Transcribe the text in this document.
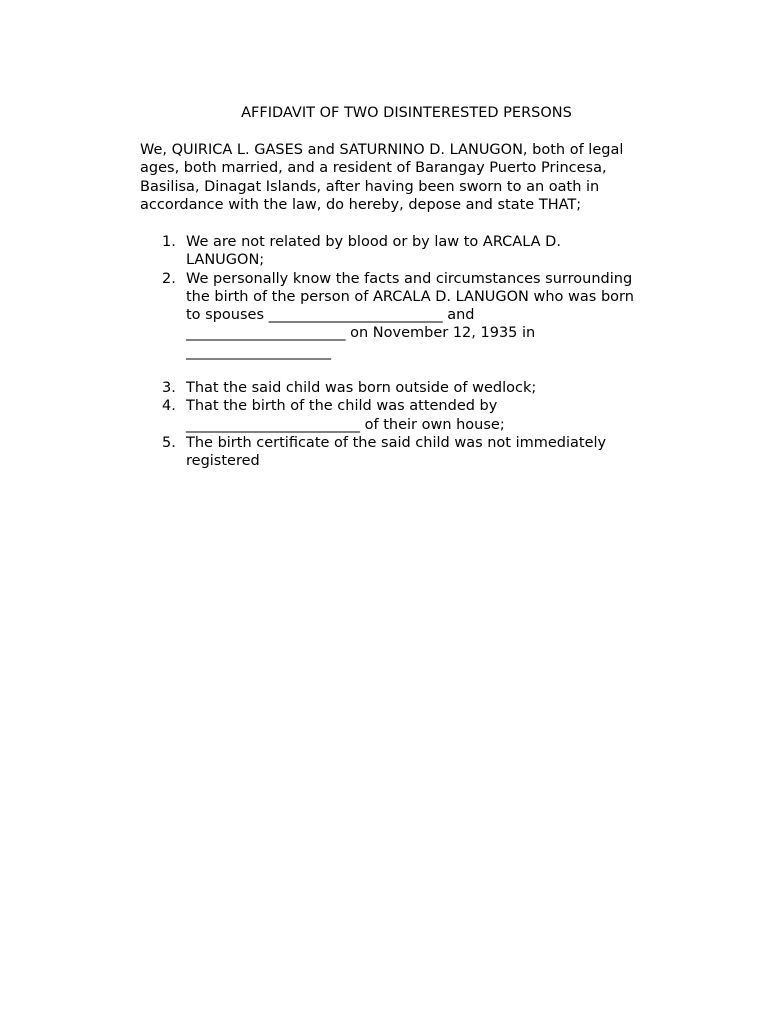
AFFIDAVIT OF TWO DISINTERESTED PERSONS
We, QUIRICA L. GASES and SATURNINO D. LANUGON, both of legal
ages, both married, and a resident of Barangay Puerto Princesa,
Basilisa, Dinagat Islands, after having been sworn to an oath in
accordance with the law, do hereby, depose and state THAT;
1. We are not related by blood or by law to ARCALA D.
LANUGON;
2. We personally know the facts and circumstances surrounding
the birth of the person of ARCALA D. LANUGON who was born
to spouses ________________________ and
______________________ on November 12, 1935 in
____________________
3. That the said child was born outside of wedlock;
4. That the birth of the child was attended by
________________________ of their own house;
5. The birth certificate of the said child was not immediately
registered
